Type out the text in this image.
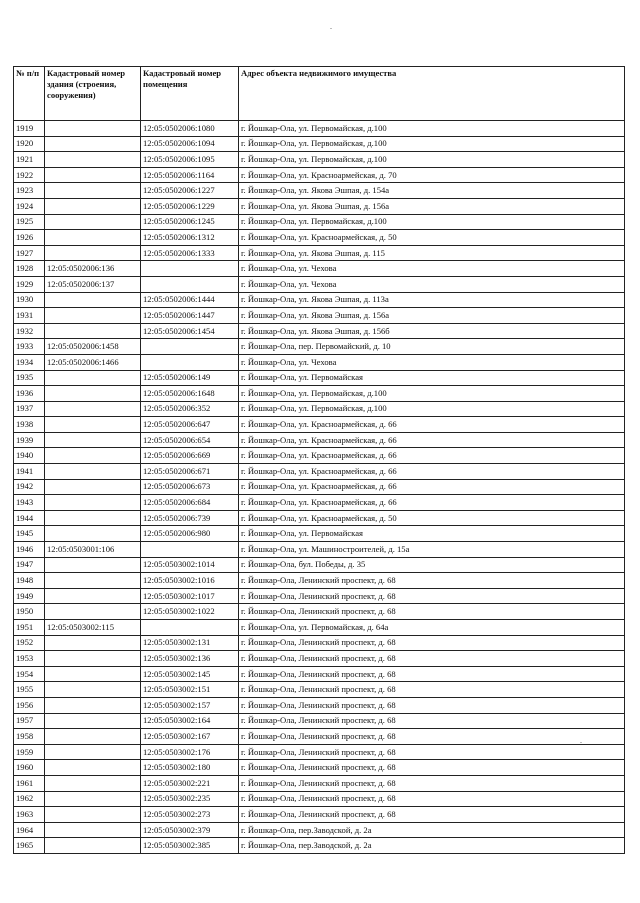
№ п/п	Кадастровый номер здания (строения, сооружения)	Кадастровый номер помещения	Адрес объекта недвижимого имущества
1919		12:05:0502006:1080	г. Йошкар-Ола, ул. Первомайская, д.100
1920		12:05:0502006:1094	г. Йошкар-Ола, ул. Первомайская, д.100
1921		12:05:0502006:1095	г. Йошкар-Ола, ул. Первомайская, д.100
1922		12:05:0502006:1164	г. Йошкар-Ола, ул. Красноармейская, д. 70
1923		12:05:0502006:1227	г. Йошкар-Ола, ул. Якова Эшпая, д. 154а
1924		12:05:0502006:1229	г. Йошкар-Ола, ул. Якова Эшпая, д. 156а
1925		12:05:0502006:1245	г. Йошкар-Ола, ул. Первомайская, д.100
1926		12:05:0502006:1312	г. Йошкар-Ола, ул. Красноармейская, д. 50
1927		12:05:0502006:1333	г. Йошкар-Ола, ул. Якова Эшпая, д. 115
1928	12:05:0502006:136		г. Йошкар-Ола, ул. Чехова
1929	12:05:0502006:137		г. Йошкар-Ола, ул. Чехова
1930		12:05:0502006:1444	г. Йошкар-Ола, ул. Якова Эшпая, д. 113а
1931		12:05:0502006:1447	г. Йошкар-Ола, ул. Якова Эшпая, д. 156а
1932		12:05:0502006:1454	г. Йошкар-Ола, ул. Якова Эшпая, д. 156б
1933	12:05:0502006:1458		г. Йошкар-Ола, пер. Первомайский, д. 10
1934	12:05:0502006:1466		г. Йошкар-Ола, ул. Чехова
1935		12:05:0502006:149	г. Йошкар-Ола, ул. Первомайская
1936		12:05:0502006:1648	г. Йошкар-Ола, ул. Первомайская, д.100
1937		12:05:0502006:352	г. Йошкар-Ола, ул. Первомайская, д.100
1938		12:05:0502006:647	г. Йошкар-Ола, ул. Красноармейская, д. 66
1939		12:05:0502006:654	г. Йошкар-Ола, ул. Красноармейская, д. 66
1940		12:05:0502006:669	г. Йошкар-Ола, ул. Красноармейская, д. 66
1941		12:05:0502006:671	г. Йошкар-Ола, ул. Красноармейская, д. 66
1942		12:05:0502006:673	г. Йошкар-Ола, ул. Красноармейская, д. 66
1943		12:05:0502006:684	г. Йошкар-Ола, ул. Красноармейская, д. 66
1944		12:05:0502006:739	г. Йошкар-Ола, ул. Красноармейская, д. 50
1945		12:05:0502006:980	г. Йошкар-Ола, ул. Первомайская
1946	12:05:0503001:106		г. Йошкар-Ола, ул. Машиностроителей, д. 15а
1947		12:05:0503002:1014	г. Йошкар-Ола, бул. Победы, д. 35
1948		12:05:0503002:1016	г. Йошкар-Ола, Ленинский проспект, д. 68
1949		12:05:0503002:1017	г. Йошкар-Ола, Ленинский проспект, д. 68
1950		12:05:0503002:1022	г. Йошкар-Ола, Ленинский проспект, д. 68
1951	12:05:0503002:115		г. Йошкар-Ола, ул. Первомайская, д. 64а
1952		12:05:0503002:131	г. Йошкар-Ола, Ленинский проспект, д. 68
1953		12:05:0503002:136	г. Йошкар-Ола, Ленинский проспект, д. 68
1954		12:05:0503002:145	г. Йошкар-Ола, Ленинский проспект, д. 68
1955		12:05:0503002:151	г. Йошкар-Ола, Ленинский проспект, д. 68
1956		12:05:0503002:157	г. Йошкар-Ола, Ленинский проспект, д. 68
1957		12:05:0503002:164	г. Йошкар-Ола, Ленинский проспект, д. 68
1958		12:05:0503002:167	г. Йошкар-Ола, Ленинский проспект, д. 68
1959		12:05:0503002:176	г. Йошкар-Ола, Ленинский проспект, д. 68
1960		12:05:0503002:180	г. Йошкар-Ола, Ленинский проспект, д. 68
1961		12:05:0503002:221	г. Йошкар-Ола, Ленинский проспект, д. 68
1962		12:05:0503002:235	г. Йошкар-Ола, Ленинский проспект, д. 68
1963		12:05:0503002:273	г. Йошкар-Ола, Ленинский проспект, д. 68
1964		12:05:0503002:379	г. Йошкар-Ола, пер.Заводской, д. 2а
1965		12:05:0503002:385	г. Йошкар-Ола, пер.Заводской, д. 2а
